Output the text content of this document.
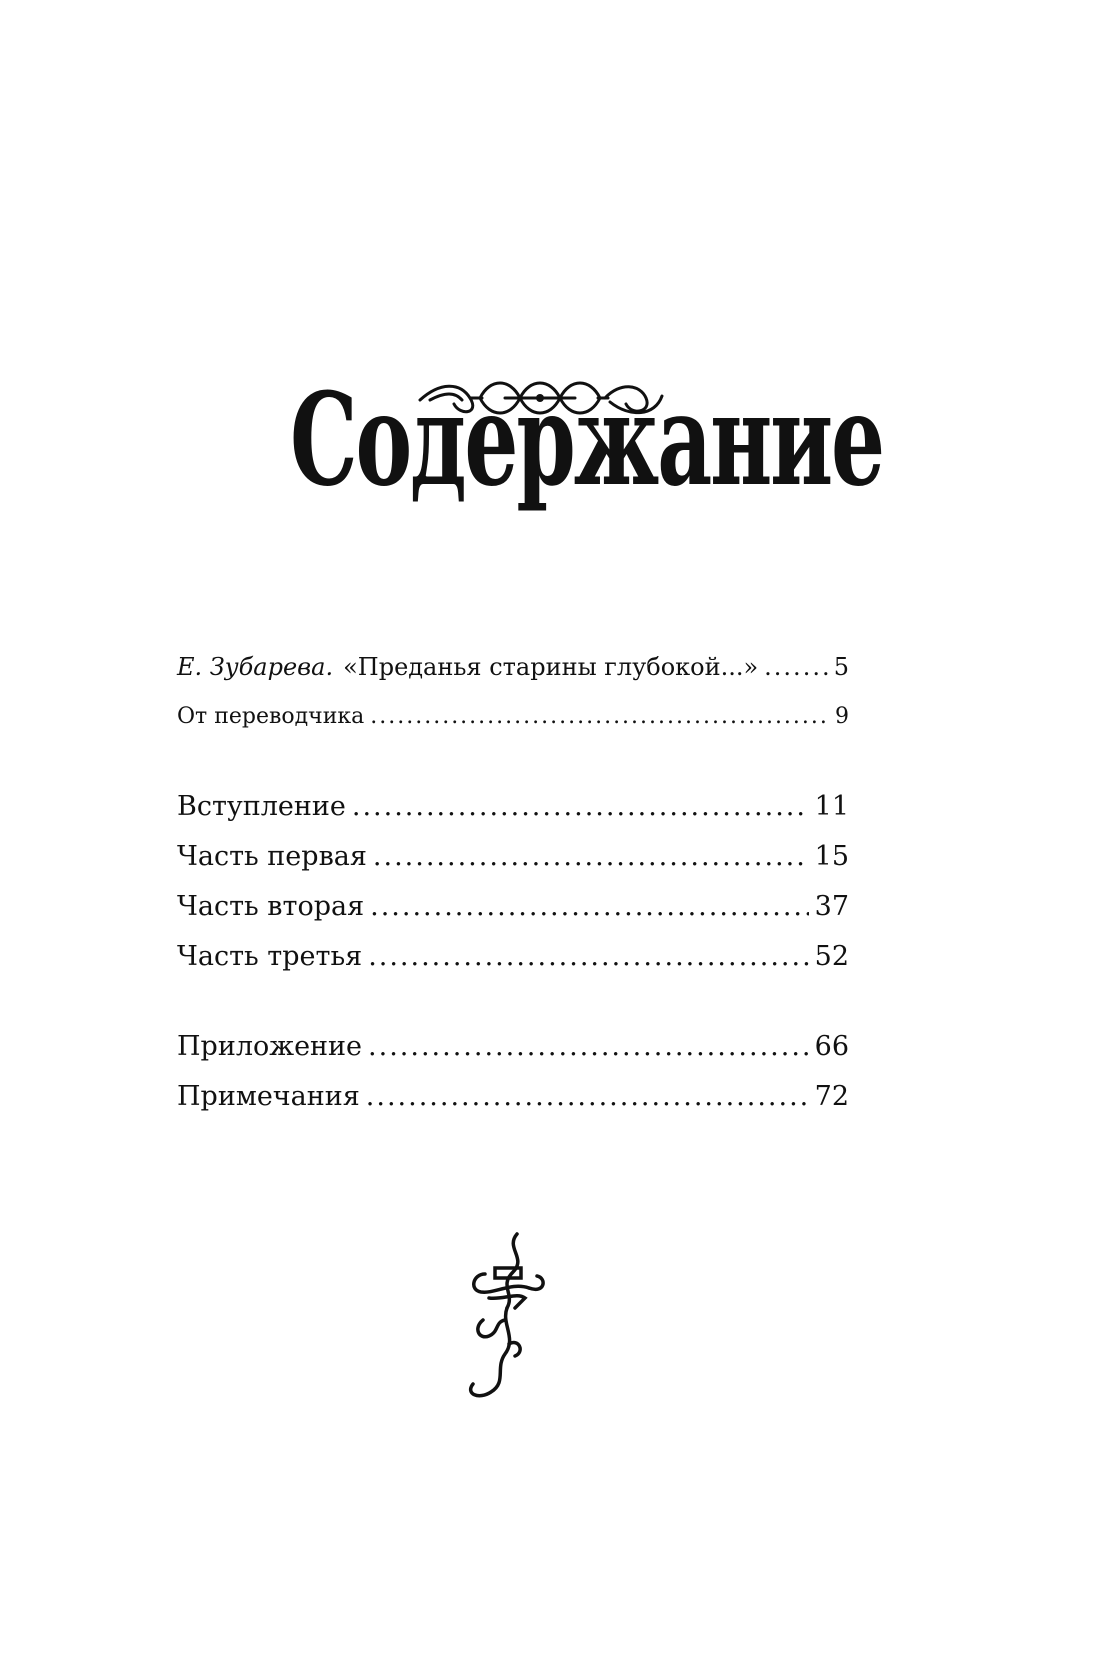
Содержание
Е. Зубарева. «Преданья старины глубокой...» .....	5
От переводчика .....	9
Вступление .....	11
Часть первая .....	15
Часть вторая .....	37
Часть третья .....	52
Приложение .....	66
Примечания .....	72
